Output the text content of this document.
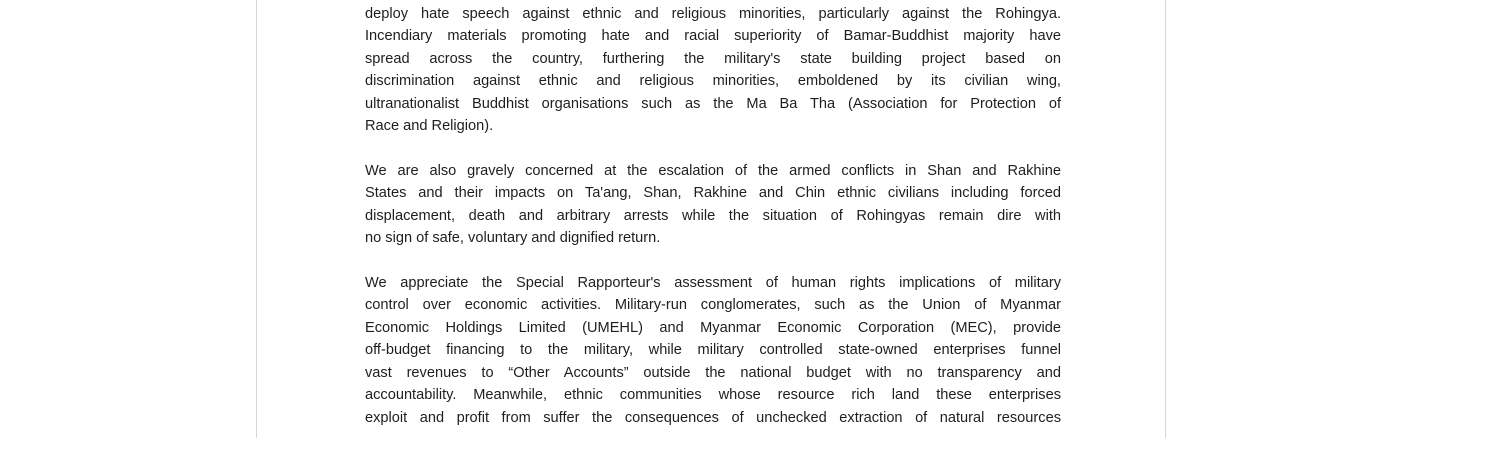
deploy hate speech against ethnic and religious minorities, particularly against the Rohingya.
Incendiary materials promoting hate and racial superiority of Bamar-Buddhist majority have
spread across the country, furthering the military's state building project based on
discrimination against ethnic and religious minorities, emboldened by its civilian wing,
ultranationalist Buddhist organisations such as the Ma Ba Tha (Association for Protection of
Race and Religion).

We are also gravely concerned at the escalation of the armed conflicts in Shan and Rakhine
States and their impacts on Ta'ang, Shan, Rakhine and Chin ethnic civilians including forced
displacement, death and arbitrary arrests while the situation of Rohingyas remain dire with
no sign of safe, voluntary and dignified return.

We appreciate the Special Rapporteur's assessment of human rights implications of military
control over economic activities. Military-run conglomerates, such as the Union of Myanmar
Economic Holdings Limited (UMEHL) and Myanmar Economic Corporation (MEC), provide
off-budget financing to the military, while military controlled state-owned enterprises funnel
vast revenues to “Other Accounts” outside the national budget with no transparency and
accountability. Meanwhile, ethnic communities whose resource rich land these enterprises
exploit and profit from suffer the consequences of unchecked extraction of natural resources
